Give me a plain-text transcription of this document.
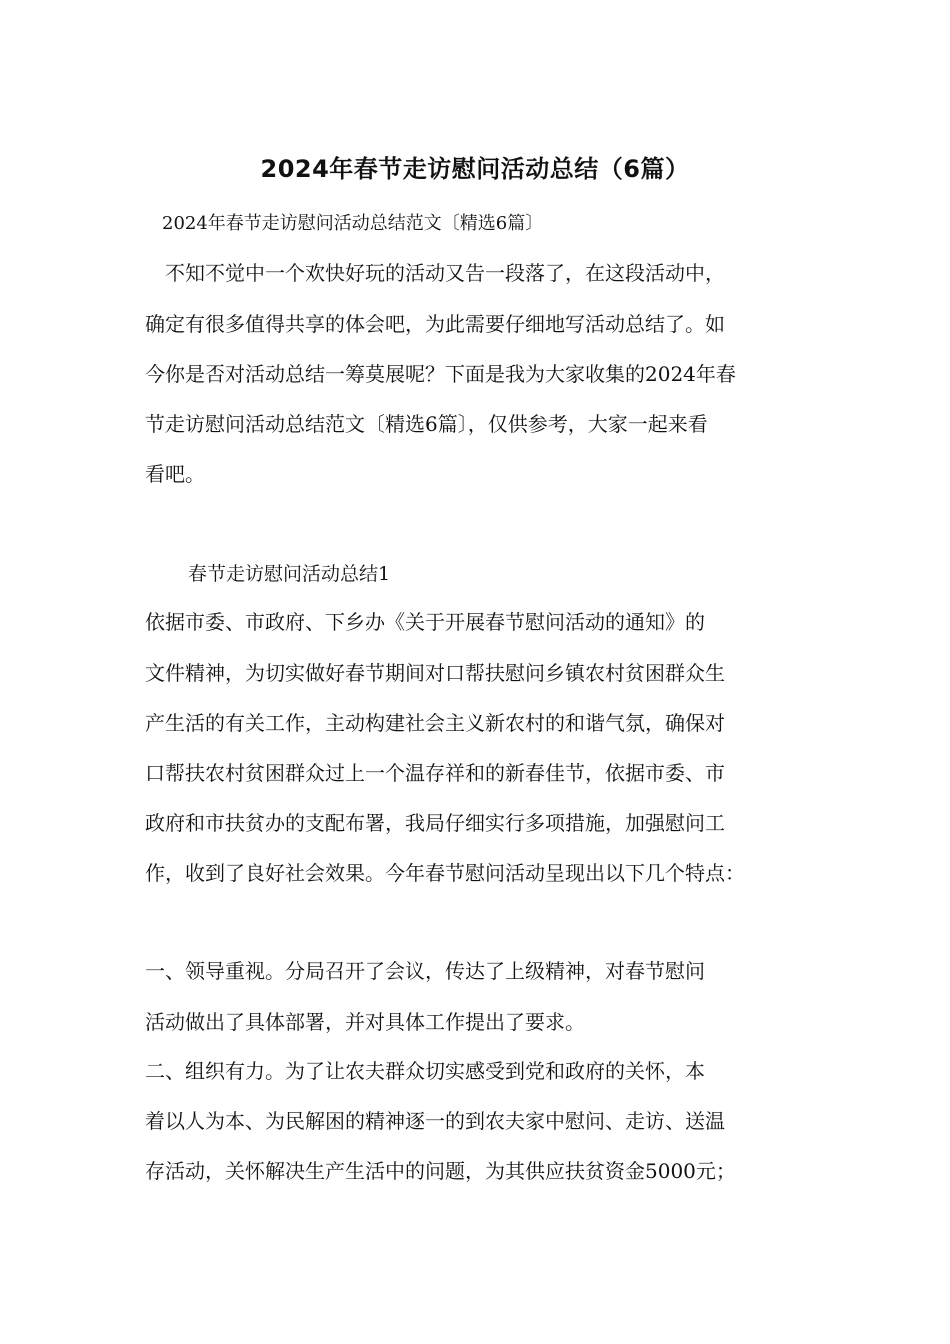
2024年春节走访慰问活动总结（6篇）
2024年春节走访慰问活动总结范文〔精选6篇〕
　不知不觉中一个欢快好玩的活动又告一段落了，在这段活动中，
确定有很多值得共享的体会吧，为此需要仔细地写活动总结了。如
今你是否对活动总结一筹莫展呢？下面是我为大家收集的2024年春
节走访慰问活动总结范文〔精选6篇〕，仅供参考，大家一起来看
看吧。
春节走访慰问活动总结1
依据市委、市政府、下乡办《关于开展春节慰问活动的通知》的
文件精神，为切实做好春节期间对口帮扶慰问乡镇农村贫困群众生
产生活的有关工作，主动构建社会主义新农村的和谐气氛，确保对
口帮扶农村贫困群众过上一个温存祥和的新春佳节，依据市委、市
政府和市扶贫办的支配布署，我局仔细实行多项措施，加强慰问工
作，收到了良好社会效果。今年春节慰问活动呈现出以下几个特点：
一、领导重视。分局召开了会议，传达了上级精神，对春节慰问
活动做出了具体部署，并对具体工作提出了要求。
二、组织有力。为了让农夫群众切实感受到党和政府的关怀，本
着以人为本、为民解困的精神逐一的到农夫家中慰问、走访、送温
存活动，关怀解决生产生活中的问题，为其供应扶贫资金5000元；
